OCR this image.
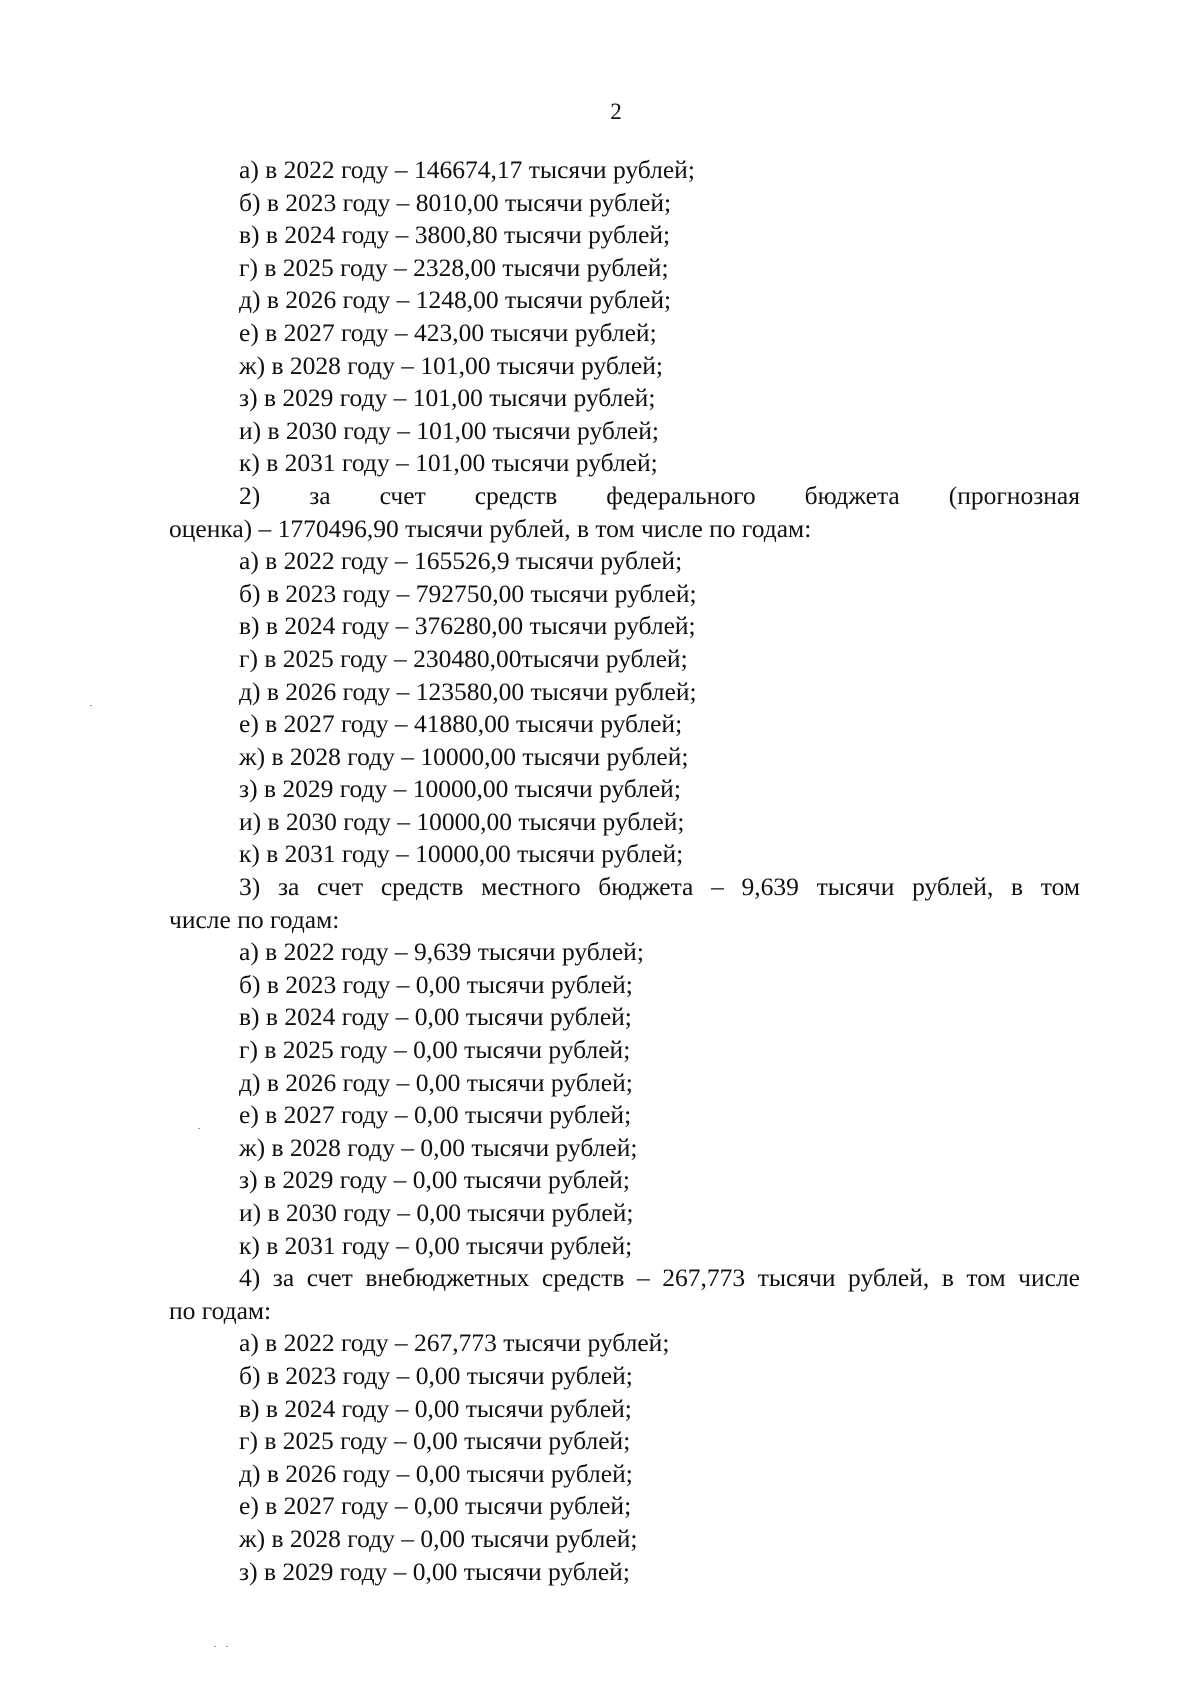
2
а) в 2022 году – 146674,17 тысячи рублей;
б) в 2023 году – 8010,00 тысячи рублей;
в) в 2024 году – 3800,80 тысячи рублей;
г) в 2025 году – 2328,00 тысячи рублей;
д) в 2026 году – 1248,00 тысячи рублей;
е) в 2027 году – 423,00 тысячи рублей;
ж) в 2028 году – 101,00 тысячи рублей;
з) в 2029 году – 101,00 тысячи рублей;
и) в 2030 году – 101,00 тысячи рублей;
к) в 2031 году – 101,00 тысячи рублей;
2) за счет средств федерального бюджета (прогнозная
оценка) – 1770496,90 тысячи рублей, в том числе по годам:
а) в 2022 году – 165526,9 тысячи рублей;
б) в 2023 году – 792750,00 тысячи рублей;
в) в 2024 году – 376280,00 тысячи рублей;
г) в 2025 году – 230480,00тысячи рублей;
д) в 2026 году – 123580,00 тысячи рублей;
е) в 2027 году – 41880,00 тысячи рублей;
ж) в 2028 году – 10000,00 тысячи рублей;
з) в 2029 году – 10000,00 тысячи рублей;
и) в 2030 году – 10000,00 тысячи рублей;
к) в 2031 году – 10000,00 тысячи рублей;
3) за счет средств местного бюджета – 9,639 тысячи рублей, в том
числе по годам:
а) в 2022 году – 9,639 тысячи рублей;
б) в 2023 году – 0,00 тысячи рублей;
в) в 2024 году – 0,00 тысячи рублей;
г) в 2025 году – 0,00 тысячи рублей;
д) в 2026 году – 0,00 тысячи рублей;
е) в 2027 году – 0,00 тысячи рублей;
ж) в 2028 году – 0,00 тысячи рублей;
з) в 2029 году – 0,00 тысячи рублей;
и) в 2030 году – 0,00 тысячи рублей;
к) в 2031 году – 0,00 тысячи рублей;
4) за счет внебюджетных средств – 267,773 тысячи рублей, в том числе
по годам:
а) в 2022 году – 267,773 тысячи рублей;
б) в 2023 году – 0,00 тысячи рублей;
в) в 2024 году – 0,00 тысячи рублей;
г) в 2025 году – 0,00 тысячи рублей;
д) в 2026 году – 0,00 тысячи рублей;
е) в 2027 году – 0,00 тысячи рублей;
ж) в 2028 году – 0,00 тысячи рублей;
з) в 2029 году – 0,00 тысячи рублей;
